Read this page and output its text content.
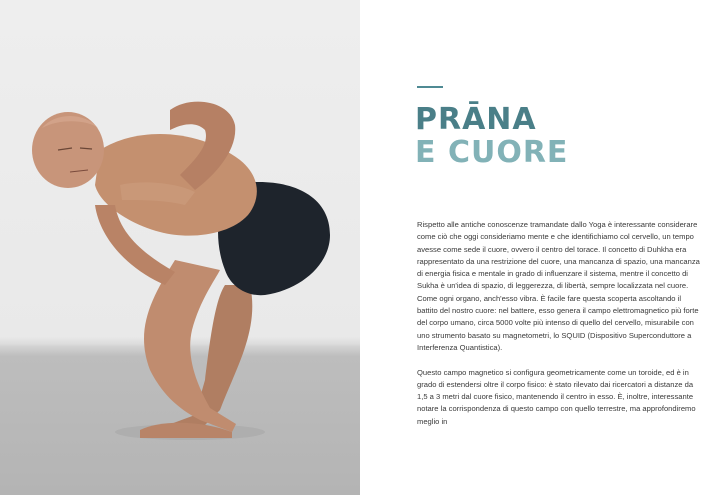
PRĀNA
E CUORE

Rispetto alle antiche conoscenze tramandate dallo Yoga è interessante considerare come ciò che oggi consideriamo mente e che identifichiamo col cervello, un tempo avesse come sede il cuore, ovvero il centro del torace. Il concetto di Duhkha era rappresentato da una restrizione del cuore, una mancanza di spazio, una mancanza di energia fisica e mentale in grado di influenzare il sistema, mentre il concetto di Sukha è un'idea di spazio, di leggerezza, di libertà, sempre localizzata nel cuore. Come ogni organo, anch'esso vibra. È facile fare questa scoperta ascoltando il battito del nostro cuore: nel battere, esso genera il campo elettromagnetico più forte del corpo umano, circa 5000 volte più intenso di quello del cervello, misurabile con uno strumento basato su magnetometri, lo SQUID (Dispositivo Superconduttore a Interferenza Quantistica).

Questo campo magnetico si configura geometricamente come un toroide, ed è in grado di estendersi oltre il corpo fisico: è stato rilevato dai ricercatori a distanze da 1,5 a 3 metri dal cuore fisico, mantenendo il centro in esso. È, inoltre, interessante notare la corrispondenza di questo campo con quello terrestre, ma approfondiremo meglio in
